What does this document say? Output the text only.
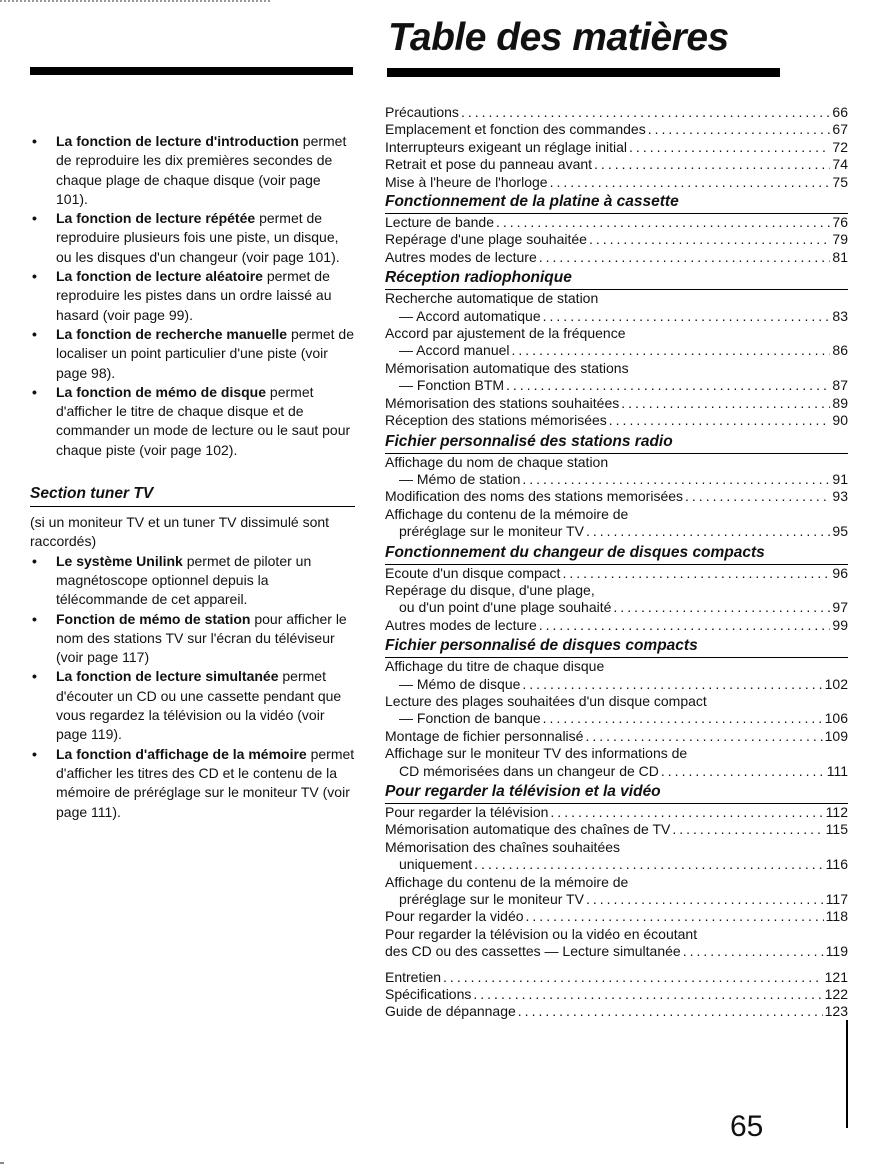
Table des matières

• La fonction de lecture d'introduction permet de reproduire les dix premières secondes de chaque plage de chaque disque (voir page 101).

• La fonction de lecture répétée permet de reproduire plusieurs fois une piste, un disque, ou les disques d'un changeur (voir page 101).

• La fonction de lecture aléatoire permet de reproduire les pistes dans un ordre laissé au hasard (voir page 99).

• La fonction de recherche manuelle permet de localiser un point particulier d'une piste (voir page 98).

• La fonction de mémo de disque permet d'afficher le titre de chaque disque et de commander un mode de lecture ou le saut pour chaque piste (voir page 102).

Section tuner TV

(si un moniteur TV et un tuner TV dissimulé sont raccordés)

• Le système Unilink permet de piloter un magnétoscope optionnel depuis la télécommande de cet appareil.

• Fonction de mémo de station pour afficher le nom des stations TV sur l'écran du téléviseur (voir page 117)

• La fonction de lecture simultanée permet d'écouter un CD ou une cassette pendant que vous regardez la télévision ou la vidéo (voir page 119).

• La fonction d'affichage de la mémoire permet d'afficher les titres des CD et le contenu de la mémoire de préréglage sur le moniteur TV (voir page 111).

Précautions .....	66
Emplacement et fonction des commandes .....	67
Interrupteurs exigeant un réglage initial .....	72
Retrait et pose du panneau avant .....	74
Mise à l'heure de l'horloge .....	75
Fonctionnement de la platine à cassette
Lecture de bande .....	76
Repérage d'une plage souhaitée .....	79
Autres modes de lecture .....	81
Réception radiophonique
Recherche automatique de station
— Accord automatique .....	83
Accord par ajustement de la fréquence
— Accord manuel .....	86
Mémorisation automatique des stations
— Fonction BTM .....	87
Mémorisation des stations souhaitées .....	89
Réception des stations mémorisées .....	90
Fichier personnalisé des stations radio
Affichage du nom de chaque station
— Mémo de station .....	91
Modification des noms des stations memorisées .....	93
Affichage du contenu de la mémoire de
préréglage sur le moniteur TV .....	95
Fonctionnement du changeur de disques compacts
Ecoute d'un disque compact .....	96
Repérage du disque, d'une plage,
ou d'un point d'une plage souhaité .....	97
Autres modes de lecture .....	99
Fichier personnalisé de disques compacts
Affichage du titre de chaque disque
— Mémo de disque .....	102
Lecture des plages souhaitées d'un disque compact
— Fonction de banque .....	106
Montage de fichier personnalisé .....	109
Affichage sur le moniteur TV des informations de
CD mémorisées dans un changeur de CD .....	111
Pour regarder la télévision et la vidéo
Pour regarder la télévision .....	112
Mémorisation automatique des chaînes de TV .....	115
Mémorisation des chaînes souhaitées
uniquement .....	116
Affichage du contenu de la mémoire de
préréglage sur le moniteur TV .....	117
Pour regarder la vidéo .....	118
Pour regarder la télévision ou la vidéo en écoutant
des CD ou des cassettes — Lecture simultanée .....	119
Entretien .....	121
Spécifications .....	122
Guide de dépannage .....	123
65
